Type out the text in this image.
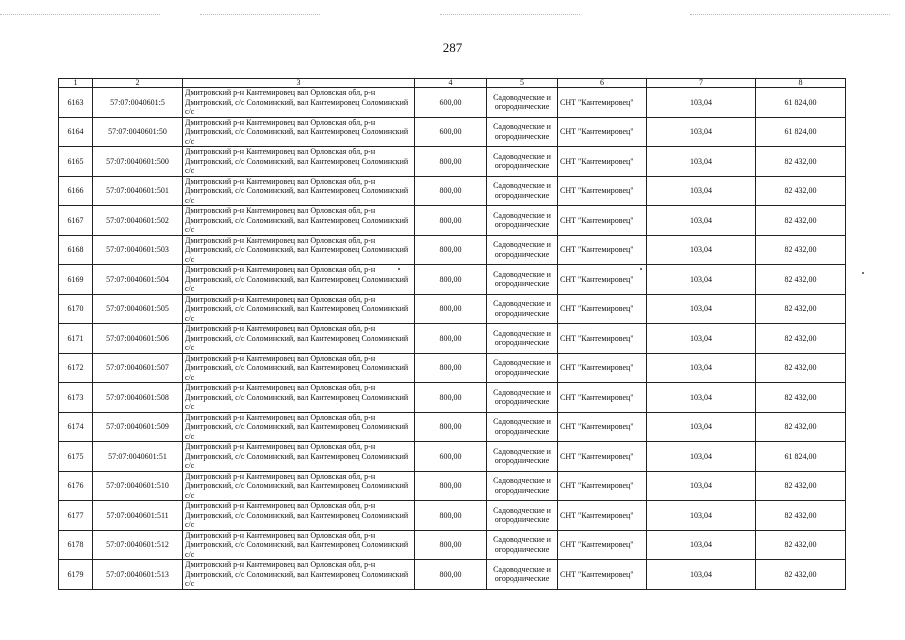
287
1	2	3	4	5	6	7	8
6163	57:07:0040601:5	Дмитровский р-н Кантемировец вал Орловская обл, р-н Дмитровский, с/с Соломинский, вал Кантемировец Соломинский с/с	600,00	Садоводческие и огороднические	СНТ "Кантемировец"	103,04	61 824,00
6164	57:07:0040601:50	Дмитровский р-н Кантемировец вал Орловская обл, р-н Дмитровский, с/с Соломинский, вал Кантемировец Соломинский с/с	600,00	Садоводческие и огороднические	СНТ "Кантемировец"	103,04	61 824,00
6165	57:07:0040601:500	Дмитровский р-н Кантемировец вал Орловская обл, р-н Дмитровский, с/с Соломинский, вал Кантемировец Соломинский с/с	800,00	Садоводческие и огороднические	СНТ "Кантемировец"	103,04	82 432,00
6166	57:07:0040601:501	Дмитровский р-н Кантемировец вал Орловская обл, р-н Дмитровский, с/с Соломинский, вал Кантемировец Соломинский с/с	800,00	Садоводческие и огороднические	СНТ "Кантемировец"	103,04	82 432,00
6167	57:07:0040601:502	Дмитровский р-н Кантемировец вал Орловская обл, р-н Дмитровский, с/с Соломинский, вал Кантемировец Соломинский с/с	800,00	Садоводческие и огороднические	СНТ "Кантемировец"	103,04	82 432,00
6168	57:07:0040601:503	Дмитровский р-н Кантемировец вал Орловская обл, р-н Дмитровский, с/с Соломинский, вал Кантемировец Соломинский с/с	800,00	Садоводческие и огороднические	СНТ "Кантемировец"	103,04	82 432,00
6169	57:07:0040601:504	Дмитровский р-н Кантемировец вал Орловская обл, р-н Дмитровский, с/с Соломинский, вал Кантемировец Соломинский с/с	800,00	Садоводческие и огороднические	СНТ "Кантемировец"	103,04	82 432,00
6170	57:07:0040601:505	Дмитровский р-н Кантемировец вал Орловская обл, р-н Дмитровский, с/с Соломинский, вал Кантемировец Соломинский с/с	800,00	Садоводческие и огороднические	СНТ "Кантемировец"	103,04	82 432,00
6171	57:07:0040601:506	Дмитровский р-н Кантемировец вал Орловская обл, р-н Дмитровский, с/с Соломинский, вал Кантемировец Соломинский с/с	800,00	Садоводческие и огороднические	СНТ "Кантемировец"	103,04	82 432,00
6172	57:07:0040601:507	Дмитровский р-н Кантемировец вал Орловская обл, р-н Дмитровский, с/с Соломинский, вал Кантемировец Соломинский с/с	800,00	Садоводческие и огороднические	СНТ "Кантемировец"	103,04	82 432,00
6173	57:07:0040601:508	Дмитровский р-н Кантемировец вал Орловская обл, р-н Дмитровский, с/с Соломинский, вал Кантемировец Соломинский с/с	800,00	Садоводческие и огороднические	СНТ "Кантемировец"	103,04	82 432,00
6174	57:07:0040601:509	Дмитровский р-н Кантемировец вал Орловская обл, р-н Дмитровский, с/с Соломинский, вал Кантемировец Соломинский с/с	800,00	Садоводческие и огороднические	СНТ "Кантемировец"	103,04	82 432,00
6175	57:07:0040601:51	Дмитровский р-н Кантемировец вал Орловская обл, р-н Дмитровский, с/с Соломинский, вал Кантемировец Соломинский с/с	600,00	Садоводческие и огороднические	СНТ "Кантемировец"	103,04	61 824,00
6176	57:07:0040601:510	Дмитровский р-н Кантемировец вал Орловская обл, р-н Дмитровский, с/с Соломинский, вал Кантемировец Соломинский с/с	800,00	Садоводческие и огороднические	СНТ "Кантемировец"	103,04	82 432,00
6177	57:07:0040601:511	Дмитровский р-н Кантемировец вал Орловская обл, р-н Дмитровский, с/с Соломинский, вал Кантемировец Соломинский с/с	800,00	Садоводческие и огороднические	СНТ "Кантемировец"	103,04	82 432,00
6178	57:07:0040601:512	Дмитровский р-н Кантемировец вал Орловская обл, р-н Дмитровский, с/с Соломинский, вал Кантемировец Соломинский с/с	800,00	Садоводческие и огороднические	СНТ "Кантемировец"	103,04	82 432,00
6179	57:07:0040601:513	Дмитровский р-н Кантемировец вал Орловская обл, р-н Дмитровский, с/с Соломинский, вал Кантемировец Соломинский с/с	800,00	Садоводческие и огороднические	СНТ "Кантемировец"	103,04	82 432,00
